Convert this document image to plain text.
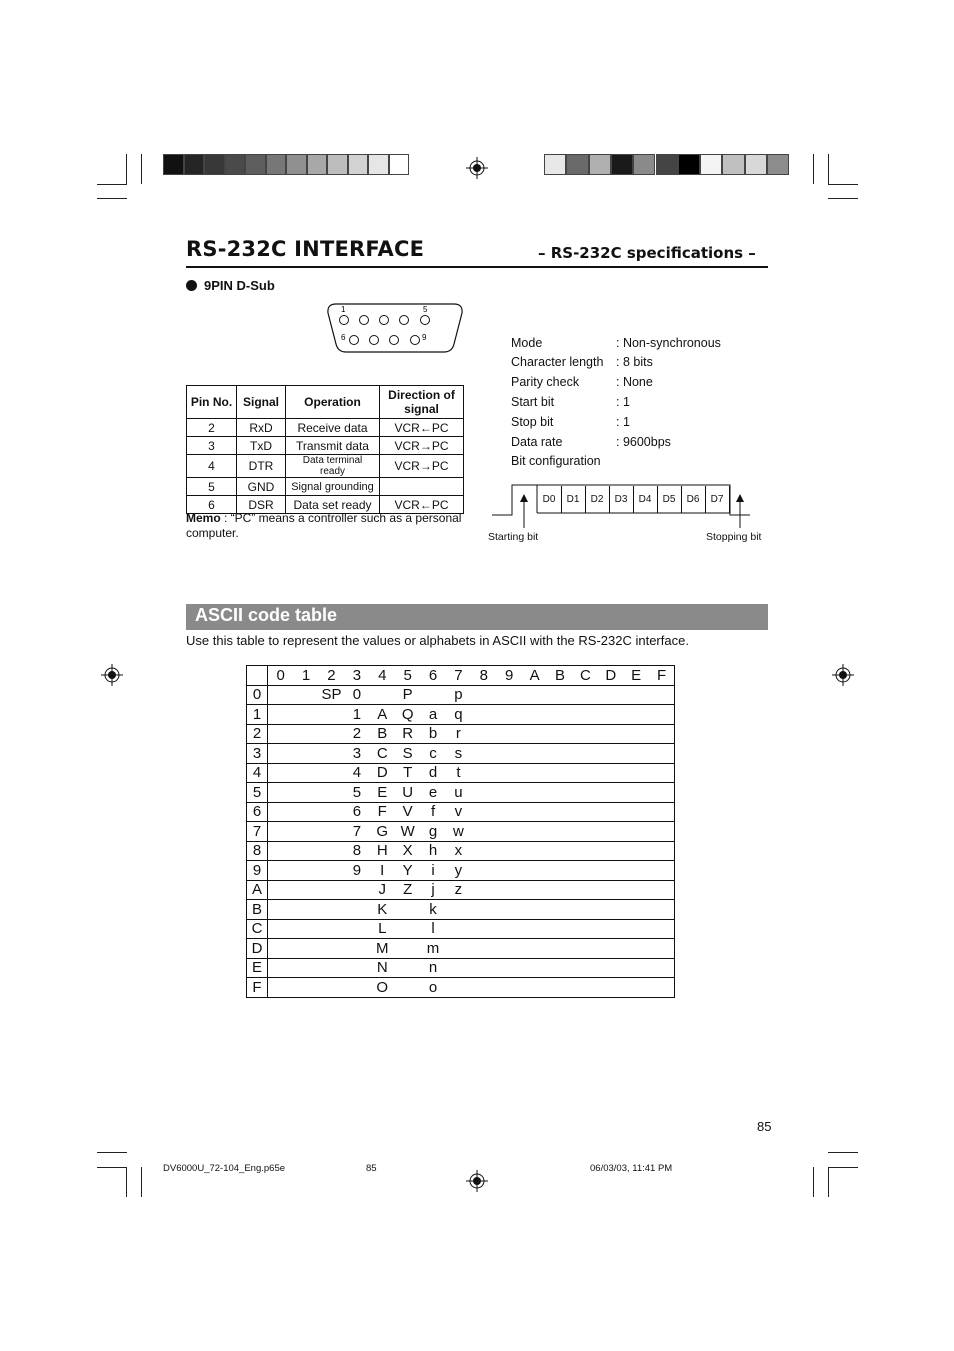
RS-232C INTERFACE	– RS-232C specifications –
9PIN D-Sub
1	5
6	9
Pin No.	Signal	Operation	Direction of signal
2	RxD	Receive data	VCR←PC
3	TxD	Transmit data	VCR→PC
4	DTR	Data terminal ready	VCR→PC
5	GND	Signal grounding	
6	DSR	Data set ready	VCR←PC
Memo : “PC” means a controller such as a personal computer.
Mode	: Non-synchronous
Character length : 8 bits
Parity check	: None
Start bit	: 1
Stop bit	: 1
Data rate	: 9600bps
Bit configuration
D0	D1	D2	D3	D4	D5	D6	D7
Starting bit	Stopping bit
ASCII code table
Use this table to represent the values or alphabets in ASCII with the RS-232C interface.
	0	1	2	3	4	5	6	7	8	9	A	B	C	D	E	F
0			SP	0		P		p								
1				1	A	Q	a	q								
2				2	B	R	b	r								
3				3	C	S	c	s								
4				4	D	T	d	t								
5				5	E	U	e	u								
6				6	F	V	f	v								
7				7	G	W	g	w								
8				8	H	X	h	x								
9				9	I	Y	i	y								
A					J	Z	j	z								
B					K		k									
C					L		l									
D					M		m									
E					N		n									
F					O		o									
85
DV6000U_72-104_Eng.p65e	85	06/03/03, 11:41 PM
